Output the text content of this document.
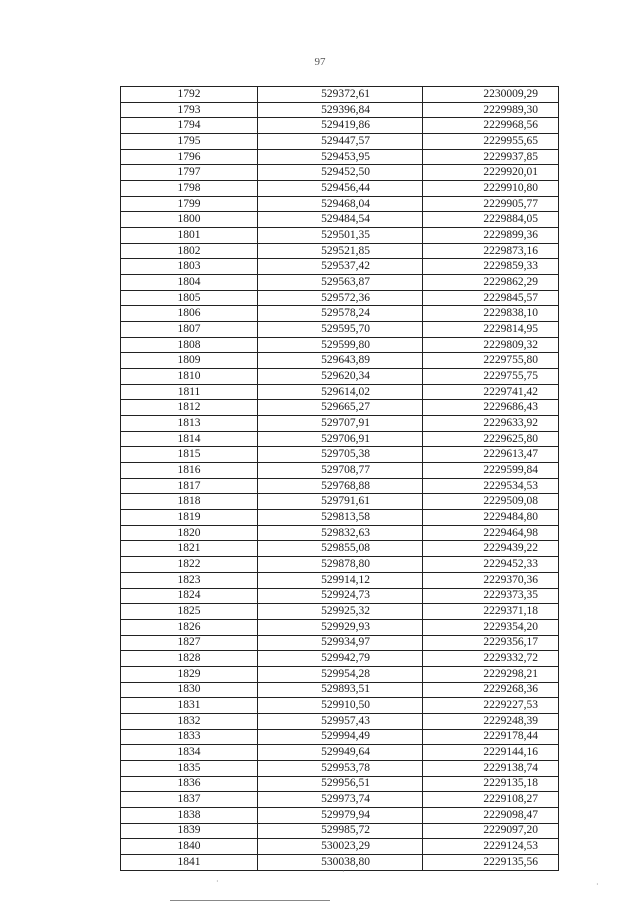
97
1792	529372,61	2230009,29
1793	529396,84	2229989,30
1794	529419,86	2229968,56
1795	529447,57	2229955,65
1796	529453,95	2229937,85
1797	529452,50	2229920,01
1798	529456,44	2229910,80
1799	529468,04	2229905,77
1800	529484,54	2229884,05
1801	529501,35	2229899,36
1802	529521,85	2229873,16
1803	529537,42	2229859,33
1804	529563,87	2229862,29
1805	529572,36	2229845,57
1806	529578,24	2229838,10
1807	529595,70	2229814,95
1808	529599,80	2229809,32
1809	529643,89	2229755,80
1810	529620,34	2229755,75
1811	529614,02	2229741,42
1812	529665,27	2229686,43
1813	529707,91	2229633,92
1814	529706,91	2229625,80
1815	529705,38	2229613,47
1816	529708,77	2229599,84
1817	529768,88	2229534,53
1818	529791,61	2229509,08
1819	529813,58	2229484,80
1820	529832,63	2229464,98
1821	529855,08	2229439,22
1822	529878,80	2229452,33
1823	529914,12	2229370,36
1824	529924,73	2229373,35
1825	529925,32	2229371,18
1826	529929,93	2229354,20
1827	529934,97	2229356,17
1828	529942,79	2229332,72
1829	529954,28	2229298,21
1830	529893,51	2229268,36
1831	529910,50	2229227,53
1832	529957,43	2229248,39
1833	529994,49	2229178,44
1834	529949,64	2229144,16
1835	529953,78	2229138,74
1836	529956,51	2229135,18
1837	529973,74	2229108,27
1838	529979,94	2229098,47
1839	529985,72	2229097,20
1840	530023,29	2229124,53
1841	530038,80	2229135,56
·
·
·
